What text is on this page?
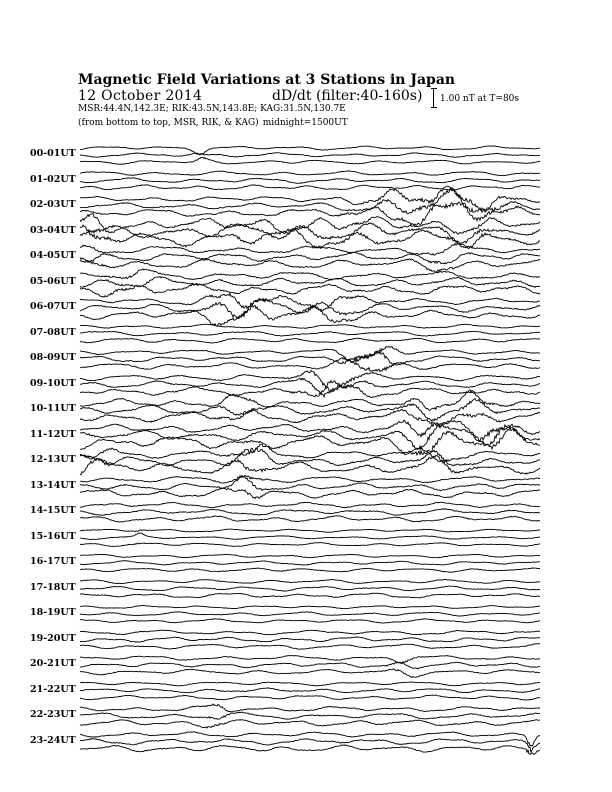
Magnetic Field Variations at 3 Stations in Japan
12 October 2014	dD/dt (filter:40-160s)
MSR:44.4N,142.3E; RIK:43.5N,143.8E; KAG:31.5N,130.7E
(from bottom to top, MSR, RIK, & KAG) midnight=1500UT
1.00 nT at T=80s
00-01UT
01-02UT
02-03UT
03-04UT
04-05UT
05-06UT
06-07UT
07-08UT
08-09UT
09-10UT
10-11UT
11-12UT
12-13UT
13-14UT
14-15UT
15-16UT
16-17UT
17-18UT
18-19UT
19-20UT
20-21UT
21-22UT
22-23UT
23-24UT
